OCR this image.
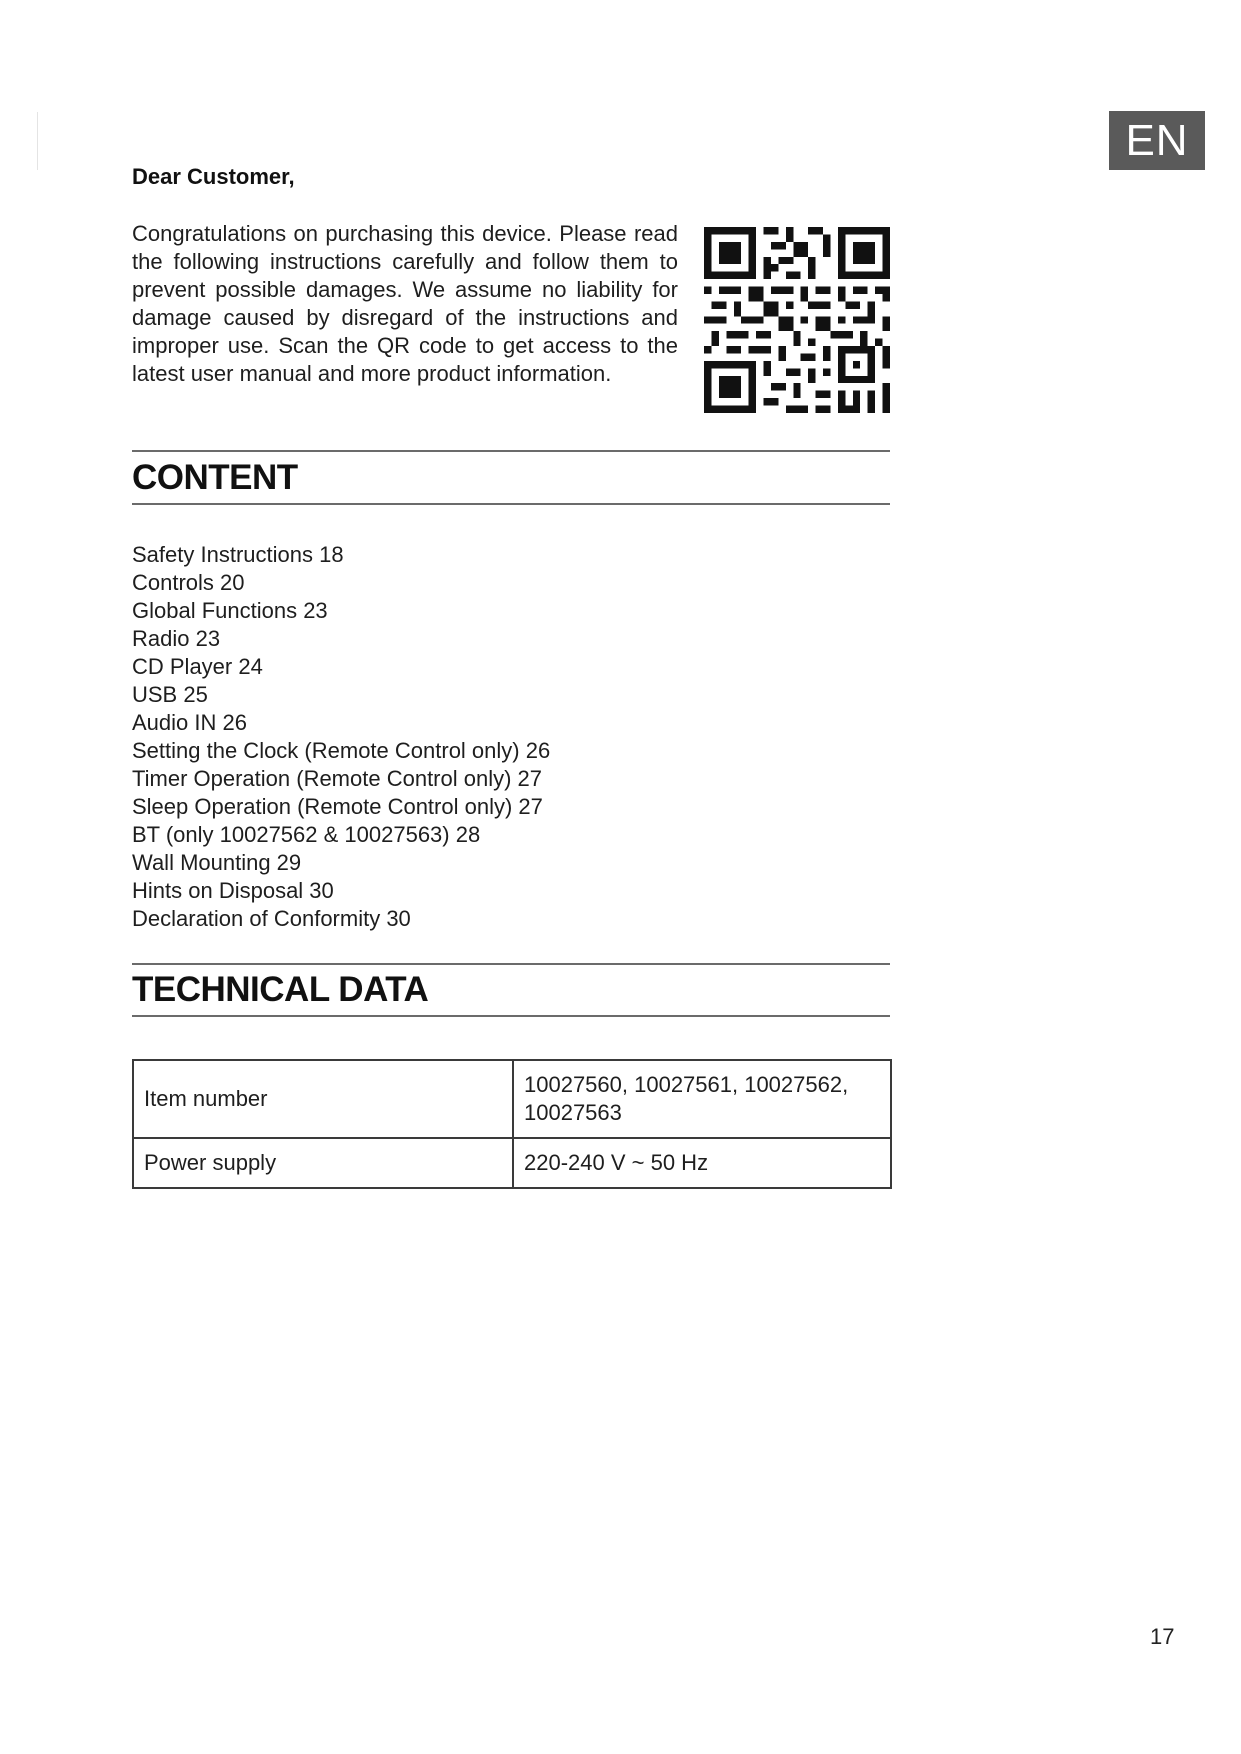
EN
Dear Customer,
Congratulations on purchasing this device. Please read the following instructions carefully and follow them to prevent possible damages. We assume no liability for damage caused by disregard of the instructions and improper use. Scan the QR code to get access to the latest user manual and more product information.
CONTENT
Safety Instructions 18
Controls 20
Global Functions 23
Radio 23
CD Player 24
USB 25
Audio IN 26
Setting the Clock (Remote Control only) 26
Timer Operation (Remote Control only) 27
Sleep Operation (Remote Control only) 27
BT (only 10027562 & 10027563) 28
Wall Mounting 29
Hints on Disposal 30
Declaration of Conformity 30
TECHNICAL DATA
Item number	10027560, 10027561, 10027562, 10027563
Power supply	220-240 V ~ 50 Hz
17
